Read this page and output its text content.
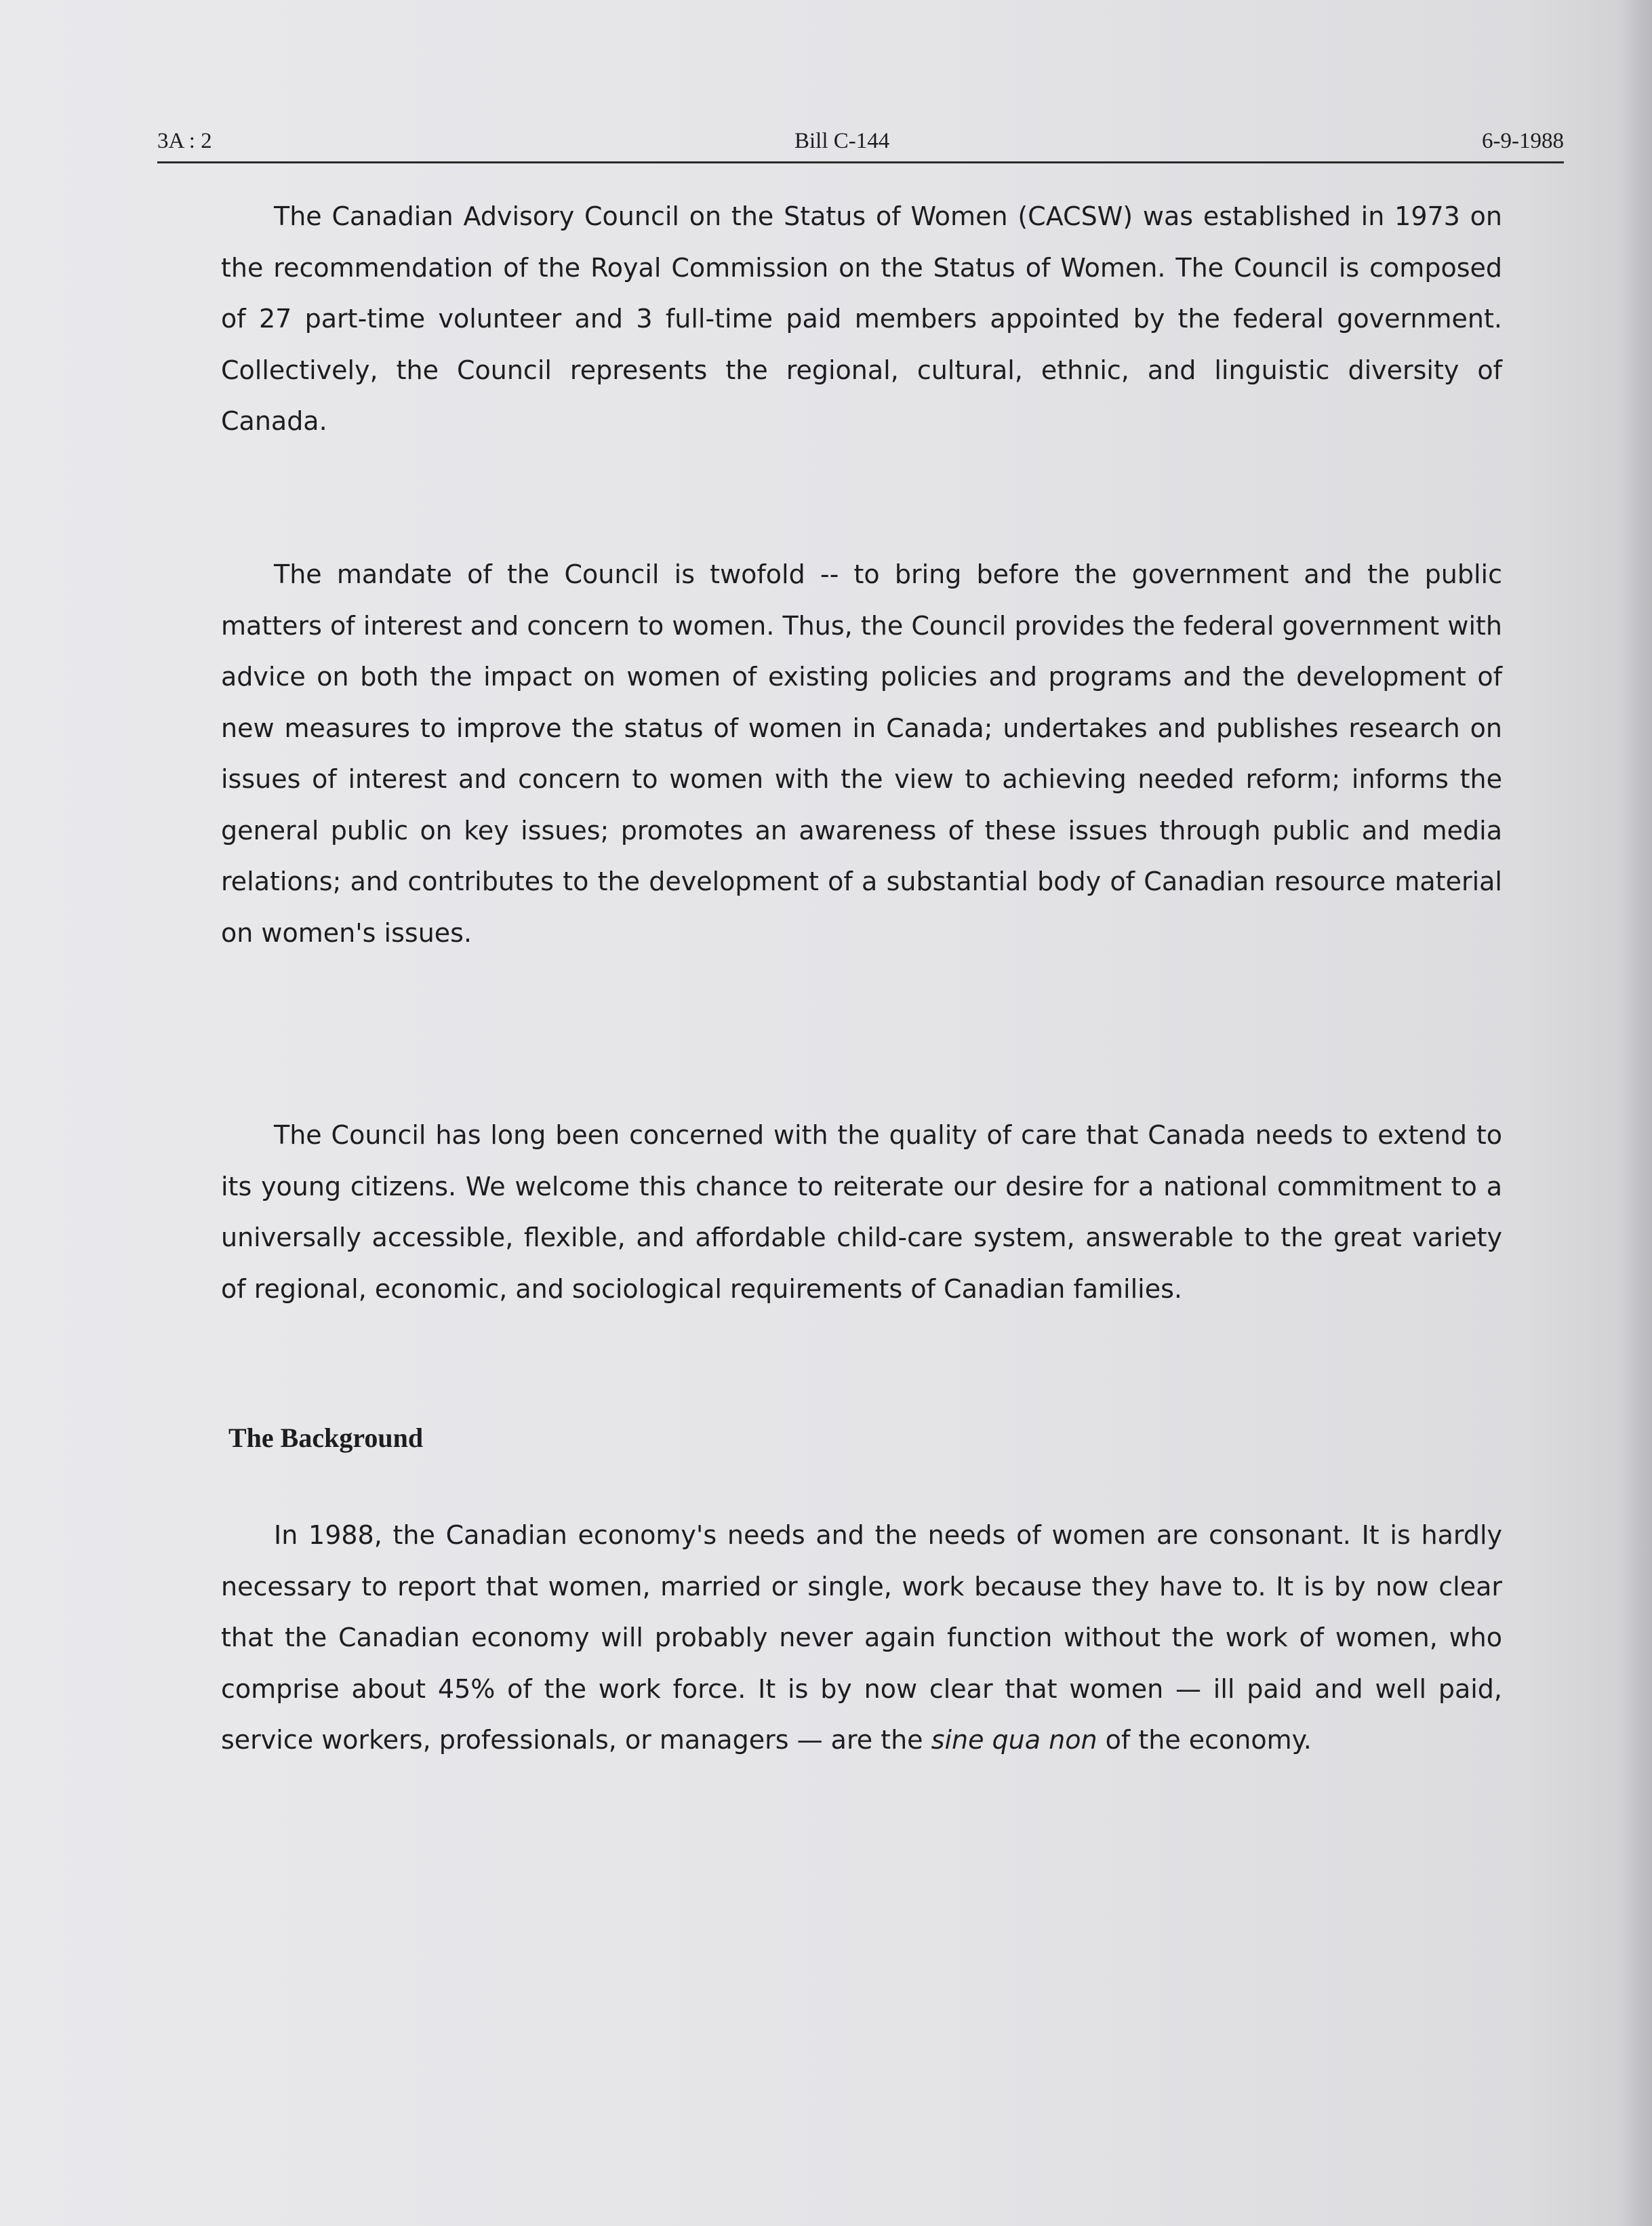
3A : 2	Bill C-144	6-9-1988

The Canadian Advisory Council on the Status of Women (CACSW) was established in 1973 on the recommendation of the Royal Commission on the Status of Women. The Council is composed of 27 part-time volunteer and 3 full-time paid members appointed by the federal government. Collectively, the Council represents the regional, cultural, ethnic, and linguistic diversity of Canada.

The mandate of the Council is twofold -- to bring before the government and the public matters of interest and concern to women. Thus, the Council provides the federal government with advice on both the impact on women of existing policies and programs and the development of new measures to improve the status of women in Canada; undertakes and publishes research on issues of interest and concern to women with the view to achieving needed reform; informs the general public on key issues; promotes an awareness of these issues through public and media relations; and contributes to the development of a substantial body of Canadian resource material on women's issues.

The Council has long been concerned with the quality of care that Canada needs to extend to its young citizens. We welcome this chance to reiterate our desire for a national commitment to a universally accessible, flexible, and affordable child-care system, answerable to the great variety of regional, economic, and sociological requirements of Canadian families.

The Background

In 1988, the Canadian economy's needs and the needs of women are consonant. It is hardly necessary to report that women, married or single, work because they have to. It is by now clear that the Canadian economy will probably never again function without the work of women, who comprise about 45% of the work force. It is by now clear that women — ill paid and well paid, service workers, professionals, or managers — are the sine qua non of the economy.
